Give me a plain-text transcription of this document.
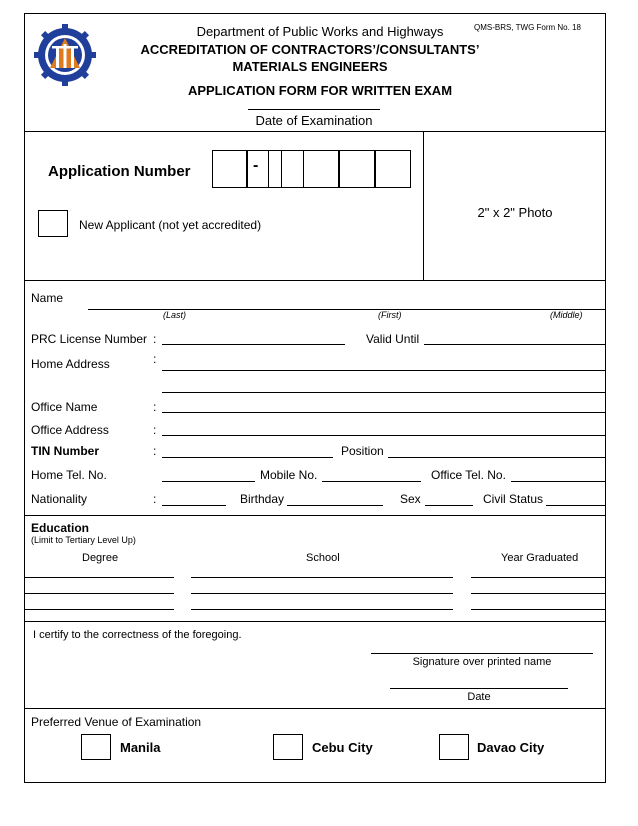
Department of Public Works and Highways	QMS-BRS, TWG Form No. 18
ACCREDITATION OF CONTRACTORS’/CONSULTANTS’
MATERIALS ENGINEERS
APPLICATION FORM FOR WRITTEN EXAM
Date of Examination
Application Number	-
New Applicant (not yet accredited)
2" x 2" Photo
Name
(Last)	(First)	(Middle)
PRC License Number :	Valid Until
Home Address	:
Office Name	:
Office Address	:
TIN Number	:	Position
Home Tel. No.	Mobile No.	Office Tel. No.
Nationality	:	Birthday	Sex	Civil Status
Education
(Limit to Tertiary Level Up)
Degree	School	Year Graduated
I certify to the correctness of the foregoing.
Signature over printed name
Date
Preferred Venue of Examination
Manila	Cebu City	Davao City
